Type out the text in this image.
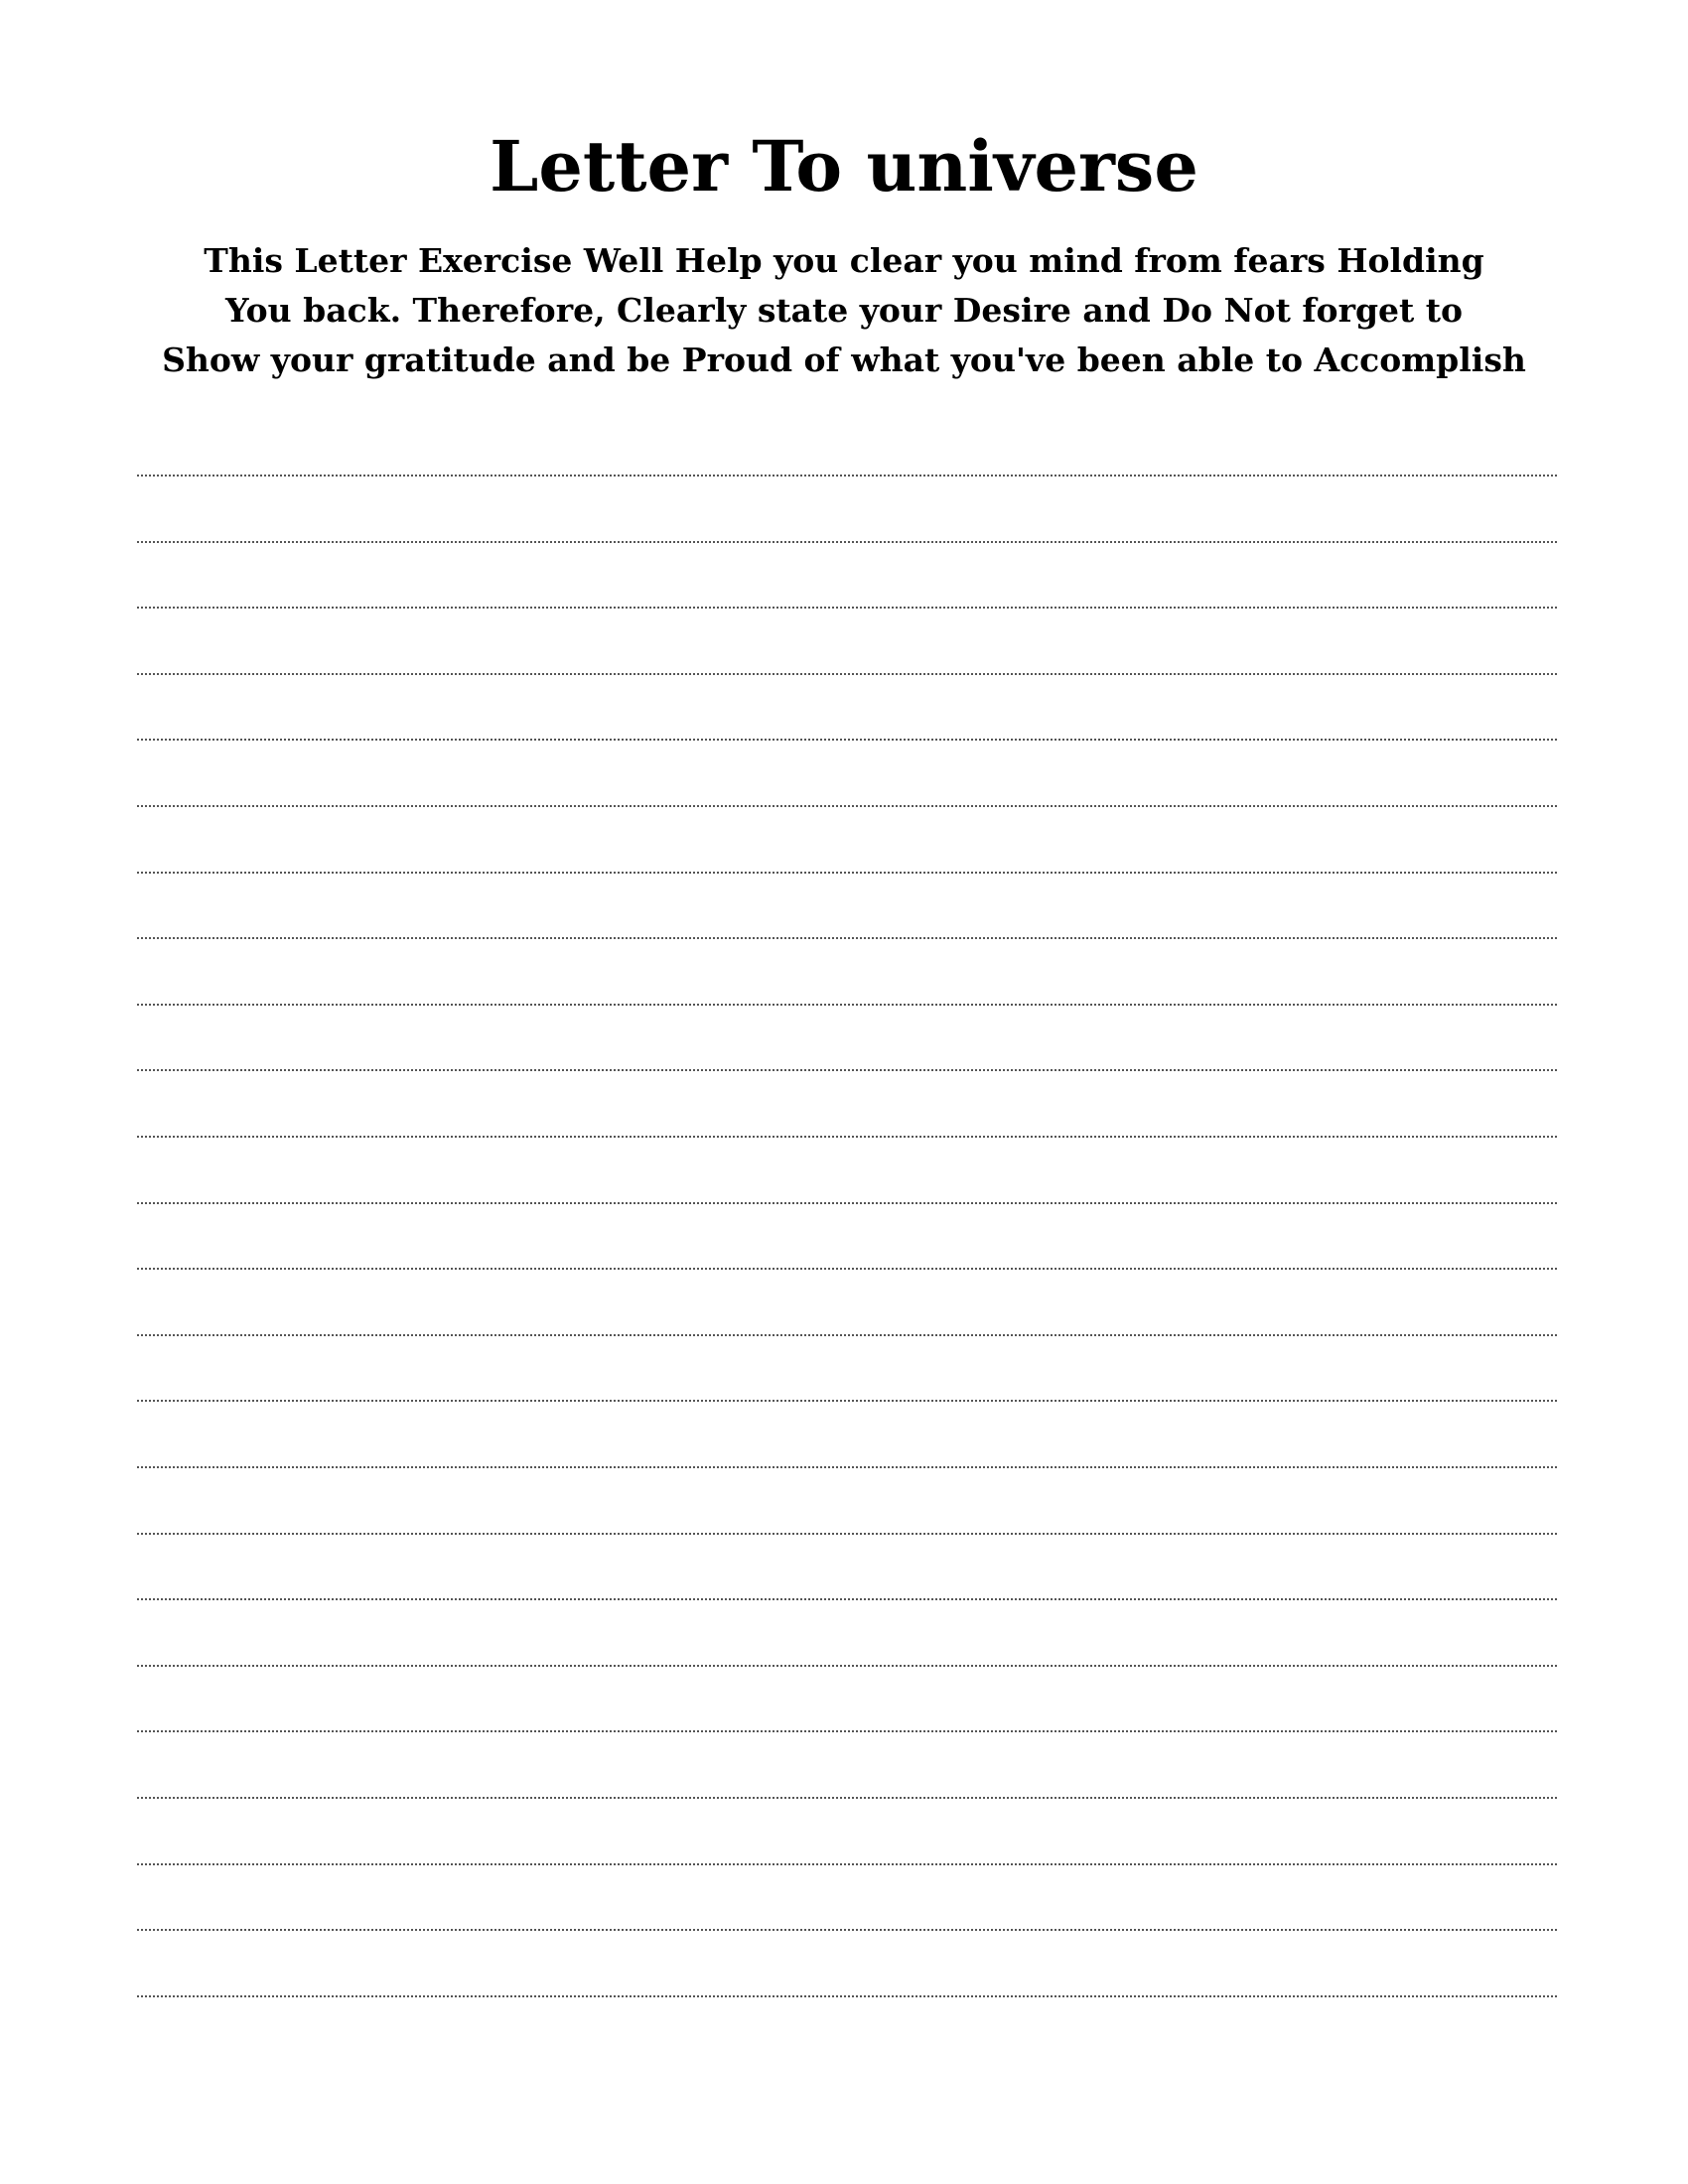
Letter To universe
This Letter Exercise Well Help you clear you mind from fears Holding
You back. Therefore, Clearly state your Desire and Do Not forget to
Show your gratitude and be Proud of what you've been able to Accomplish
